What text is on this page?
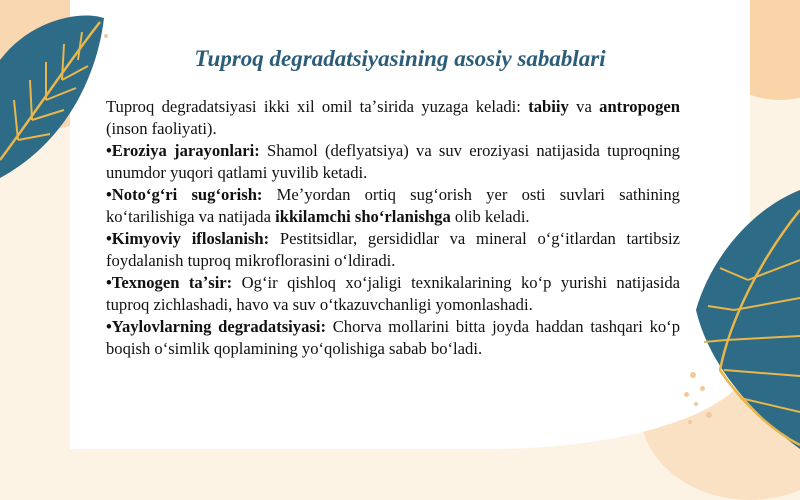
Tuproq degradatsiyasining asosiy sabablari

Tuproq degradatsiyasi ikki xil omil taʼsirida yuzaga keladi: tabiiy va antropogen (inson faoliyati).

•Eroziya jarayonlari: Shamol (deflyatsiya) va suv eroziyasi natijasida tuproqning unumdor yuqori qatlami yuvilib ketadi.

•Notoʻgʻri sugʻorish: Meʼyordan ortiq sugʻorish yer osti suvlari sathining koʻtarilishiga va natijada ikkilamchi shoʻrlanishga olib keladi.

•Kimyoviy ifloslanish: Pestitsidlar, gersididlar va mineral oʻgʻitlardan tartibsiz foydalanish tuproq mikroflorasini oʻldiradi.

•Texnogen taʼsir: Ogʻir qishloq xoʻjaligi texnikalarining koʻp yurishi natijasida tuproq zichlashadi, havo va suv oʻtkazuvchanligi yomonlashadi.

•Yaylovlarning degradatsiyasi: Chorva mollarini bitta joyda haddan tashqari koʻp boqish oʻsimlik qoplamining yoʻqolishiga sabab boʻladi.
